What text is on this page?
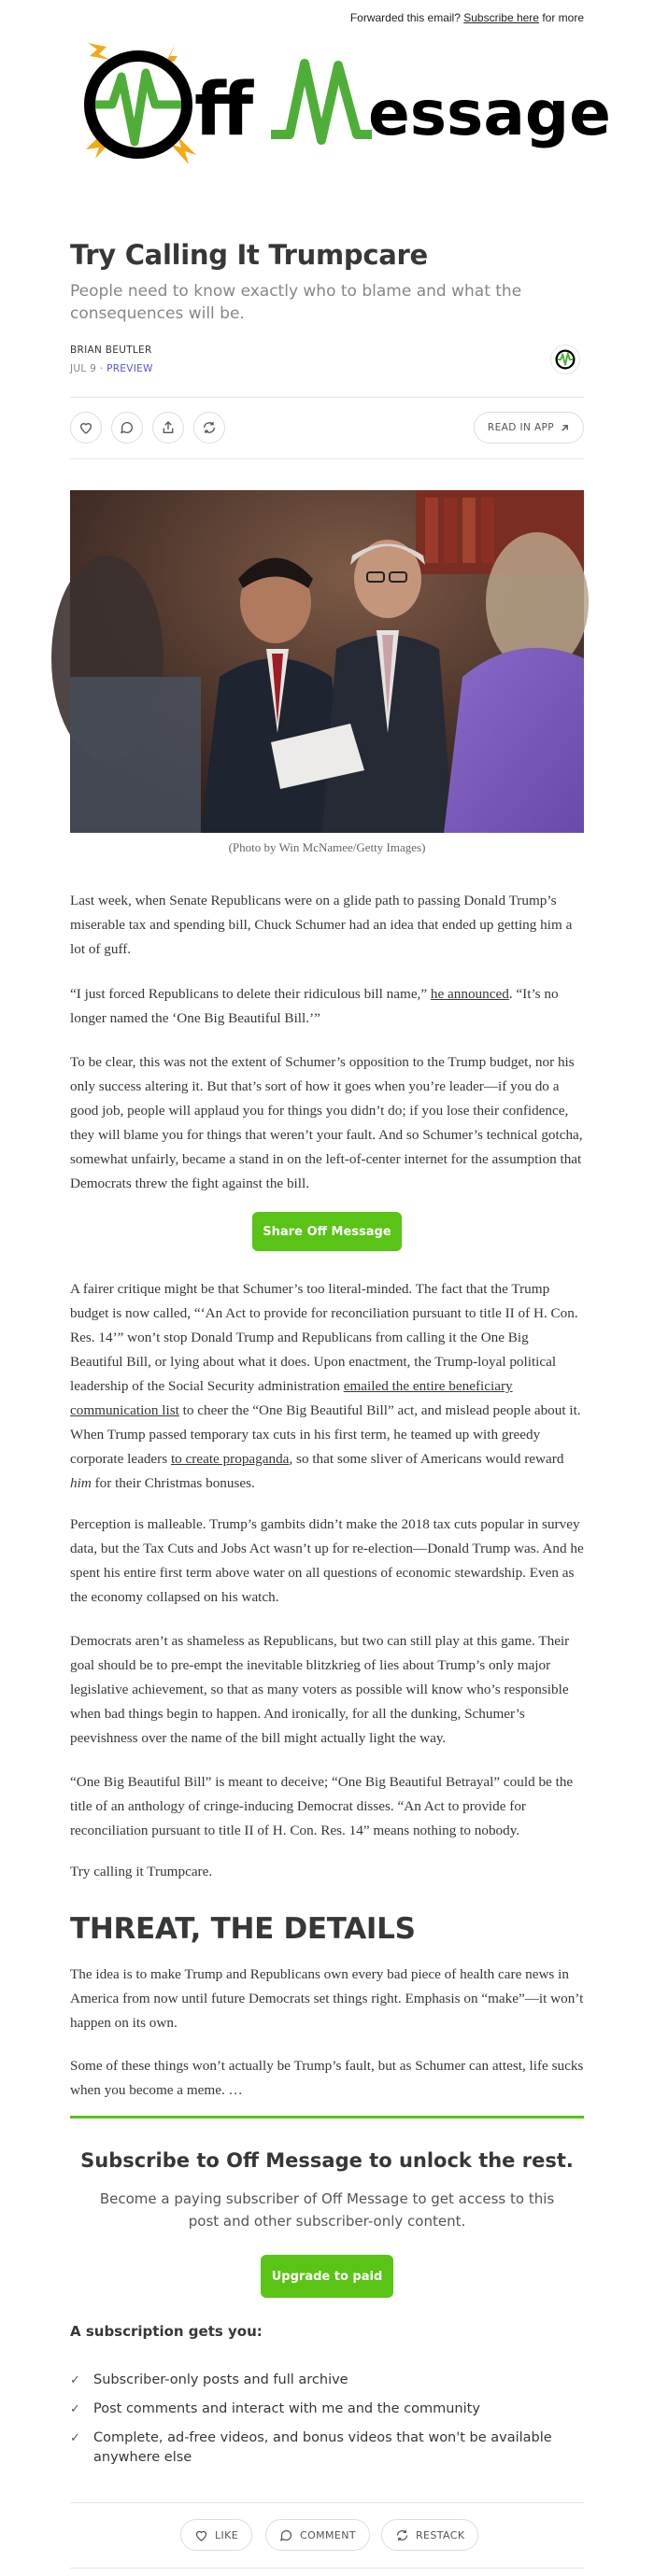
Forwarded this email? Subscribe here for more
ff essage
Try Calling It Trumpcare
People need to know exactly who to blame and what the consequences will be.
BRIAN BEUTLER
JUL 9 · PREVIEW
READ IN APP
(Photo by Win McNamee/Getty Images)

Last week, when Senate Republicans were on a glide path to passing Donald Trump’s miserable tax and spending bill, Chuck Schumer had an idea that ended up getting him a lot of guff.

“I just forced Republicans to delete their ridiculous bill name,” he announced. “It’s no longer named the ‘One Big Beautiful Bill.’”

To be clear, this was not the extent of Schumer’s opposition to the Trump budget, nor his only success altering it. But that’s sort of how it goes when you’re leader—if you do a good job, people will applaud you for things you didn’t do; if you lose their confidence, they will blame you for things that weren’t your fault. And so Schumer’s technical gotcha, somewhat unfairly, became a stand in on the left-of-center internet for the assumption that Democrats threw the fight against the bill.

Share Off Message

A fairer critique might be that Schumer’s too literal-minded. The fact that the Trump budget is now called, “‘An Act to provide for reconciliation pursuant to title II of H. Con. Res. 14’” won’t stop Donald Trump and Republicans from calling it the One Big Beautiful Bill, or lying about what it does. Upon enactment, the Trump-loyal political leadership of the Social Security administration emailed the entire beneficiary communication list to cheer the “One Big Beautiful Bill” act, and mislead people about it. When Trump passed temporary tax cuts in his first term, he teamed up with greedy corporate leaders to create propaganda, so that some sliver of Americans would reward him for their Christmas bonuses.

Perception is malleable. Trump’s gambits didn’t make the 2018 tax cuts popular in survey data, but the Tax Cuts and Jobs Act wasn’t up for re-election—Donald Trump was. And he spent his entire first term above water on all questions of economic stewardship. Even as the economy collapsed on his watch.

Democrats aren’t as shameless as Republicans, but two can still play at this game. Their goal should be to pre-empt the inevitable blitzkrieg of lies about Trump’s only major legislative achievement, so that as many voters as possible will know who’s responsible when bad things begin to happen. And ironically, for all the dunking, Schumer’s peevishness over the name of the bill might actually light the way.

“One Big Beautiful Bill” is meant to deceive; “One Big Beautiful Betrayal” could be the title of an anthology of cringe-inducing Democrat disses. “An Act to provide for reconciliation pursuant to title II of H. Con. Res. 14” means nothing to nobody.

Try calling it Trumpcare.

THREAT, THE DETAILS

The idea is to make Trump and Republicans own every bad piece of health care news in America from now until future Democrats set things right. Emphasis on “make”—it won’t happen on its own.

Some of these things won’t actually be Trump’s fault, but as Schumer can attest, life sucks when you become a meme. …

Subscribe to Off Message to unlock the rest.
Become a paying subscriber of Off Message to get access to this post and other subscriber-only content.
Upgrade to paid
A subscription gets you:
✓ Subscriber-only posts and full archive
✓ Post comments and interact with me and the community
✓ Complete, ad-free videos, and bonus videos that won't be available anywhere else
LIKE	COMMENT	RESTACK
